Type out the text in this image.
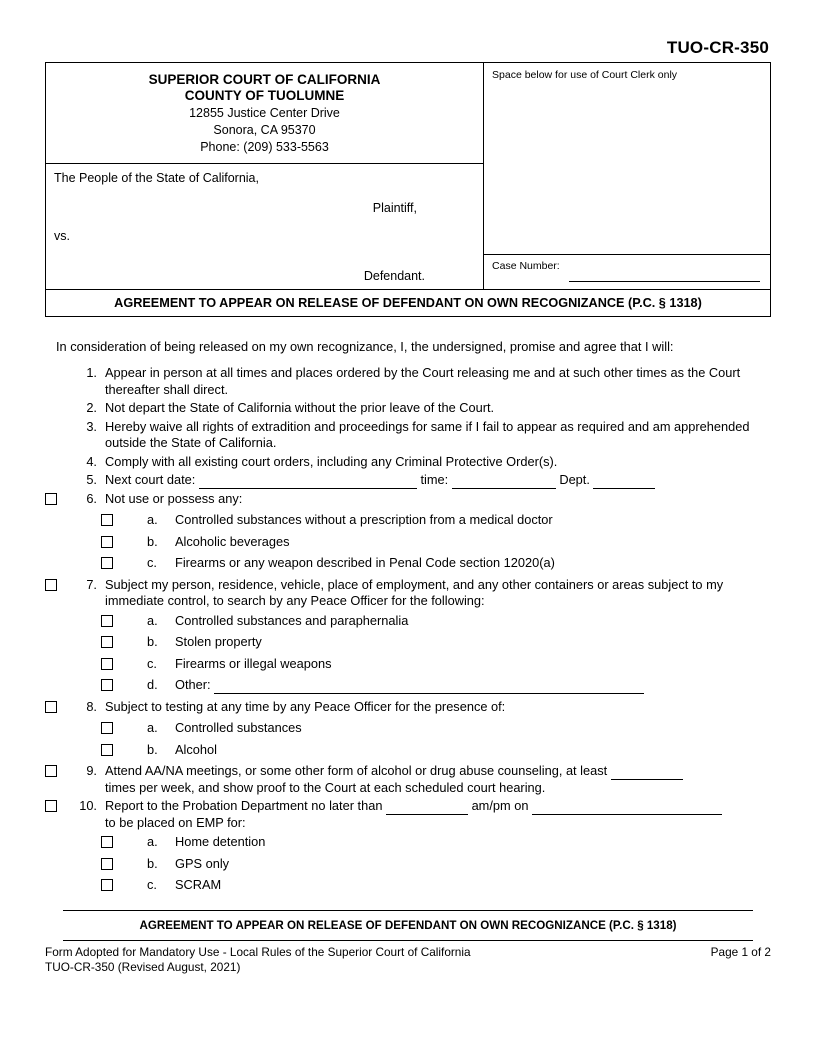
TUO-CR-350
SUPERIOR COURT OF CALIFORNIA
COUNTY OF TUOLUMNE
12855 Justice Center Drive
Sonora, CA 95370
Phone: (209) 533-5563
The People of the State of California,
Plaintiff,
vs.
Defendant.
Space below for use of Court Clerk only
Case Number:
AGREEMENT TO APPEAR ON RELEASE OF DEFENDANT ON OWN RECOGNIZANCE (P.C. § 1318)
In consideration of being released on my own recognizance, I, the undersigned, promise and agree that I will:
1. Appear in person at all times and places ordered by the Court releasing me and at such other times as the Court thereafter shall direct.
2. Not depart the State of California without the prior leave of the Court.
3. Hereby waive all rights of extradition and proceedings for same if I fail to appear as required and am apprehended outside the State of California.
4. Comply with all existing court orders, including any Criminal Protective Order(s).
5. Next court date:	time:	Dept.
6. Not use or possess any:
a.	Controlled substances without a prescription from a medical doctor
b.	Alcoholic beverages
c.	Firearms or any weapon described in Penal Code section 12020(a)
7. Subject my person, residence, vehicle, place of employment, and any other containers or areas subject to my immediate control, to search by any Peace Officer for the following:
a.	Controlled substances and paraphernalia
b.	Stolen property
c.	Firearms or illegal weapons
d.	Other:
8. Subject to testing at any time by any Peace Officer for the presence of:
a.	Controlled substances
b.	Alcohol
9. Attend AA/NA meetings, or some other form of alcohol or drug abuse counseling, at least
times per week, and show proof to the Court at each scheduled court hearing.
10. Report to the Probation Department no later than	am/pm on
to be placed on EMP for:
a.	Home detention
b.	GPS only
c.	SCRAM
AGREEMENT TO APPEAR ON RELEASE OF DEFENDANT ON OWN RECOGNIZANCE (P.C. § 1318)
Form Adopted for Mandatory Use - Local Rules of the Superior Court of California
TUO-CR-350 (Revised August, 2021)
Page 1 of 2
